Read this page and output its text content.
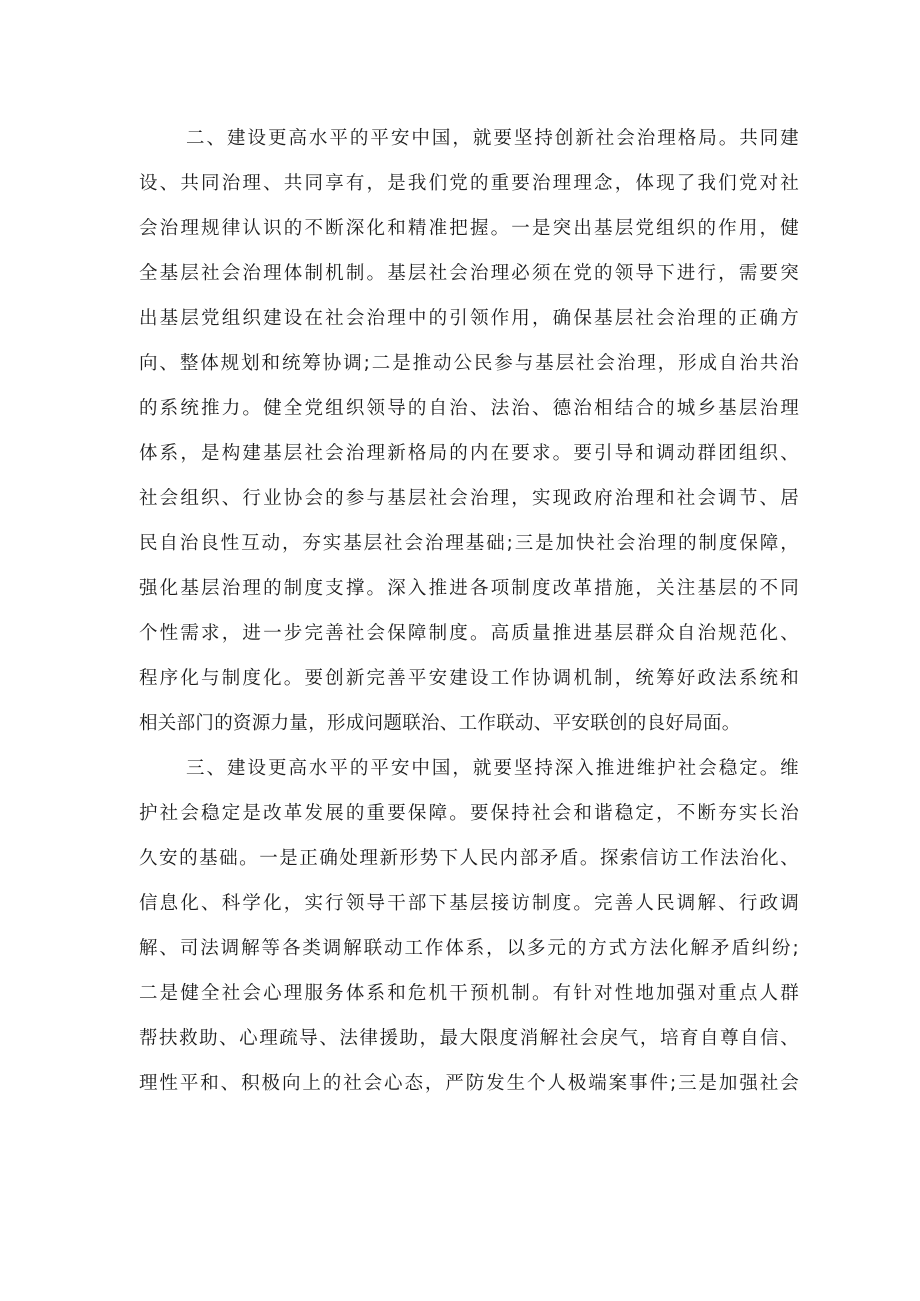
二、建设更高水平的平安中国，就要坚持创新社会治理格局。共同建
设、共同治理、共同享有，是我们党的重要治理理念，体现了我们党对社
会治理规律认识的不断深化和精准把握。一是突出基层党组织的作用，健
全基层社会治理体制机制。基层社会治理必须在党的领导下进行，需要突
出基层党组织建设在社会治理中的引领作用，确保基层社会治理的正确方
向、整体规划和统筹协调;二是推动公民参与基层社会治理，形成自治共治
的系统推力。健全党组织领导的自治、法治、德治相结合的城乡基层治理
体系，是构建基层社会治理新格局的内在要求。要引导和调动群团组织、
社会组织、行业协会的参与基层社会治理，实现政府治理和社会调节、居
民自治良性互动，夯实基层社会治理基础;三是加快社会治理的制度保障，
强化基层治理的制度支撑。深入推进各项制度改革措施，关注基层的不同
个性需求，进一步完善社会保障制度。高质量推进基层群众自治规范化、
程序化与制度化。要创新完善平安建设工作协调机制，统筹好政法系统和
相关部门的资源力量，形成问题联治、工作联动、平安联创的良好局面。
三、建设更高水平的平安中国，就要坚持深入推进维护社会稳定。维
护社会稳定是改革发展的重要保障。要保持社会和谐稳定，不断夯实长治
久安的基础。一是正确处理新形势下人民内部矛盾。探索信访工作法治化、
信息化、科学化，实行领导干部下基层接访制度。完善人民调解、行政调
解、司法调解等各类调解联动工作体系，以多元的方式方法化解矛盾纠纷;
二是健全社会心理服务体系和危机干预机制。有针对性地加强对重点人群
帮扶救助、心理疏导、法律援助，最大限度消解社会戾气，培育自尊自信、
理性平和、积极向上的社会心态，严防发生个人极端案事件;三是加强社会
